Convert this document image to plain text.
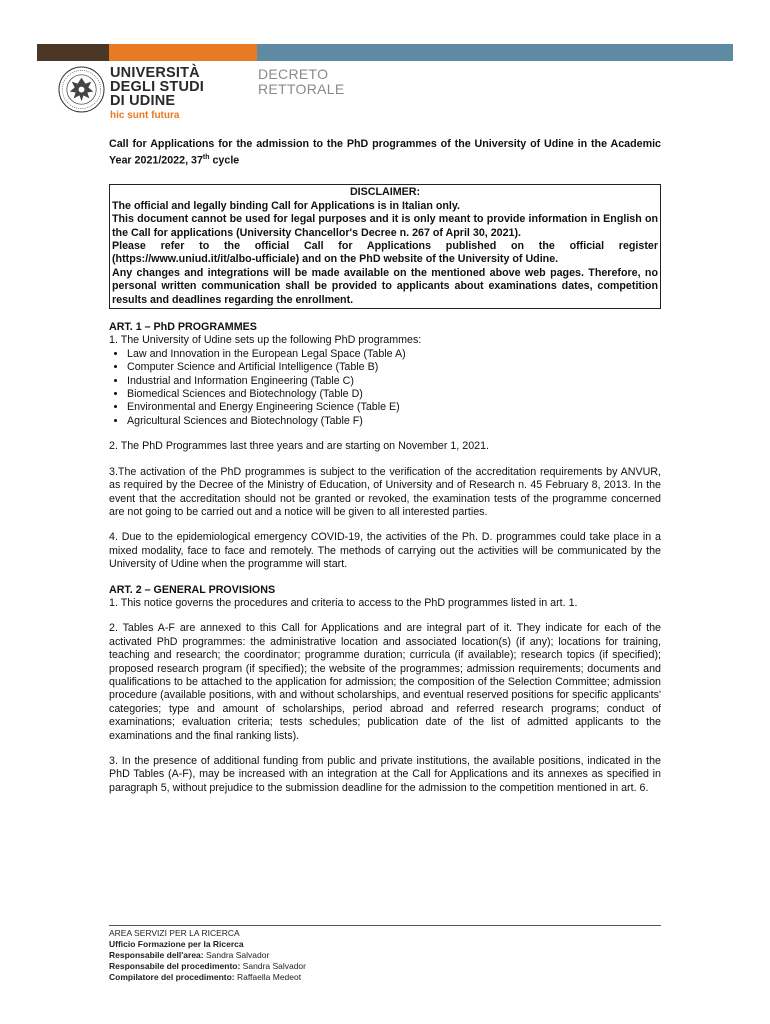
UNIVERSITÀ
DEGLI STUDI
DI UDINE
hic sunt futura
DECRETO
RETTORALE

Call for Applications for the admission to the PhD programmes of the University of Udine in the Academic Year 2021/2022, 37th cycle

DISCLAIMER:
The official and legally binding Call for Applications is in Italian only.
This document cannot be used for legal purposes and it is only meant to provide information in English on the Call for applications (University Chancellor's Decree n. 267 of April 30, 2021).
Please refer to the official Call for Applications published on the official register (https://www.uniud.it/it/albo-ufficiale) and on the PhD website of the University of Udine.
Any changes and integrations will be made available on the mentioned above web pages. Therefore, no personal written communication shall be provided to applicants about examinations dates, competition results and deadlines regarding the enrollment.
ART. 1 – PhD PROGRAMMES

1. The University of Udine sets up the following PhD programmes:

• Law and Innovation in the European Legal Space (Table A)
• Computer Science and Artificial Intelligence (Table B)
• Industrial and Information Engineering (Table C)
• Biomedical Sciences and Biotechnology (Table D)
• Environmental and Energy Engineering Science (Table E)
• Agricultural Sciences and Biotechnology (Table F)

2. The PhD Programmes last three years and are starting on November 1, 2021.

3.The activation of the PhD programmes is subject to the verification of the accreditation requirements by ANVUR, as required by the Decree of the Ministry of Education, of University and of Research n. 45 February 8, 2013. In the event that the accreditation should not be granted or revoked, the examination tests of the programme concerned are not going to be carried out and a notice will be given to all interested parties.

4. Due to the epidemiological emergency COVID-19, the activities of the Ph. D. programmes could take place in a mixed modality, face to face and remotely. The methods of carrying out the activities will be communicated by the University of Udine when the programme will start.

ART. 2 – GENERAL PROVISIONS

1. This notice governs the procedures and criteria to access to the PhD programmes listed in art. 1.

2. Tables A-F are annexed to this Call for Applications and are integral part of it. They indicate for each of the activated PhD programmes: the administrative location and associated location(s) (if any); locations for training, teaching and research; the coordinator; programme duration; curricula (if available); research topics (if specified); proposed research program (if specified); the website of the programmes; admission requirements; documents and qualifications to be attached to the application for admission; the composition of the Selection Committee; admission procedure (available positions, with and without scholarships, and eventual reserved positions for specific applicants' categories; type and amount of scholarships, period abroad and referred research programs; conduct of examinations; evaluation criteria; tests schedules; publication date of the list of admitted applicants to the examinations and the final ranking lists).

3. In the presence of additional funding from public and private institutions, the available positions, indicated in the PhD Tables (A-F), may be increased with an integration at the Call for Applications and its annexes as specified in paragraph 5, without prejudice to the submission deadline for the admission to the competition mentioned in art. 6.

AREA SERVIZI PER LA RICERCA
Ufficio Formazione per la Ricerca
Responsabile dell'area: Sandra Salvador
Responsabile del procedimento: Sandra Salvador
Compilatore del procedimento: Raffaella Medeot
